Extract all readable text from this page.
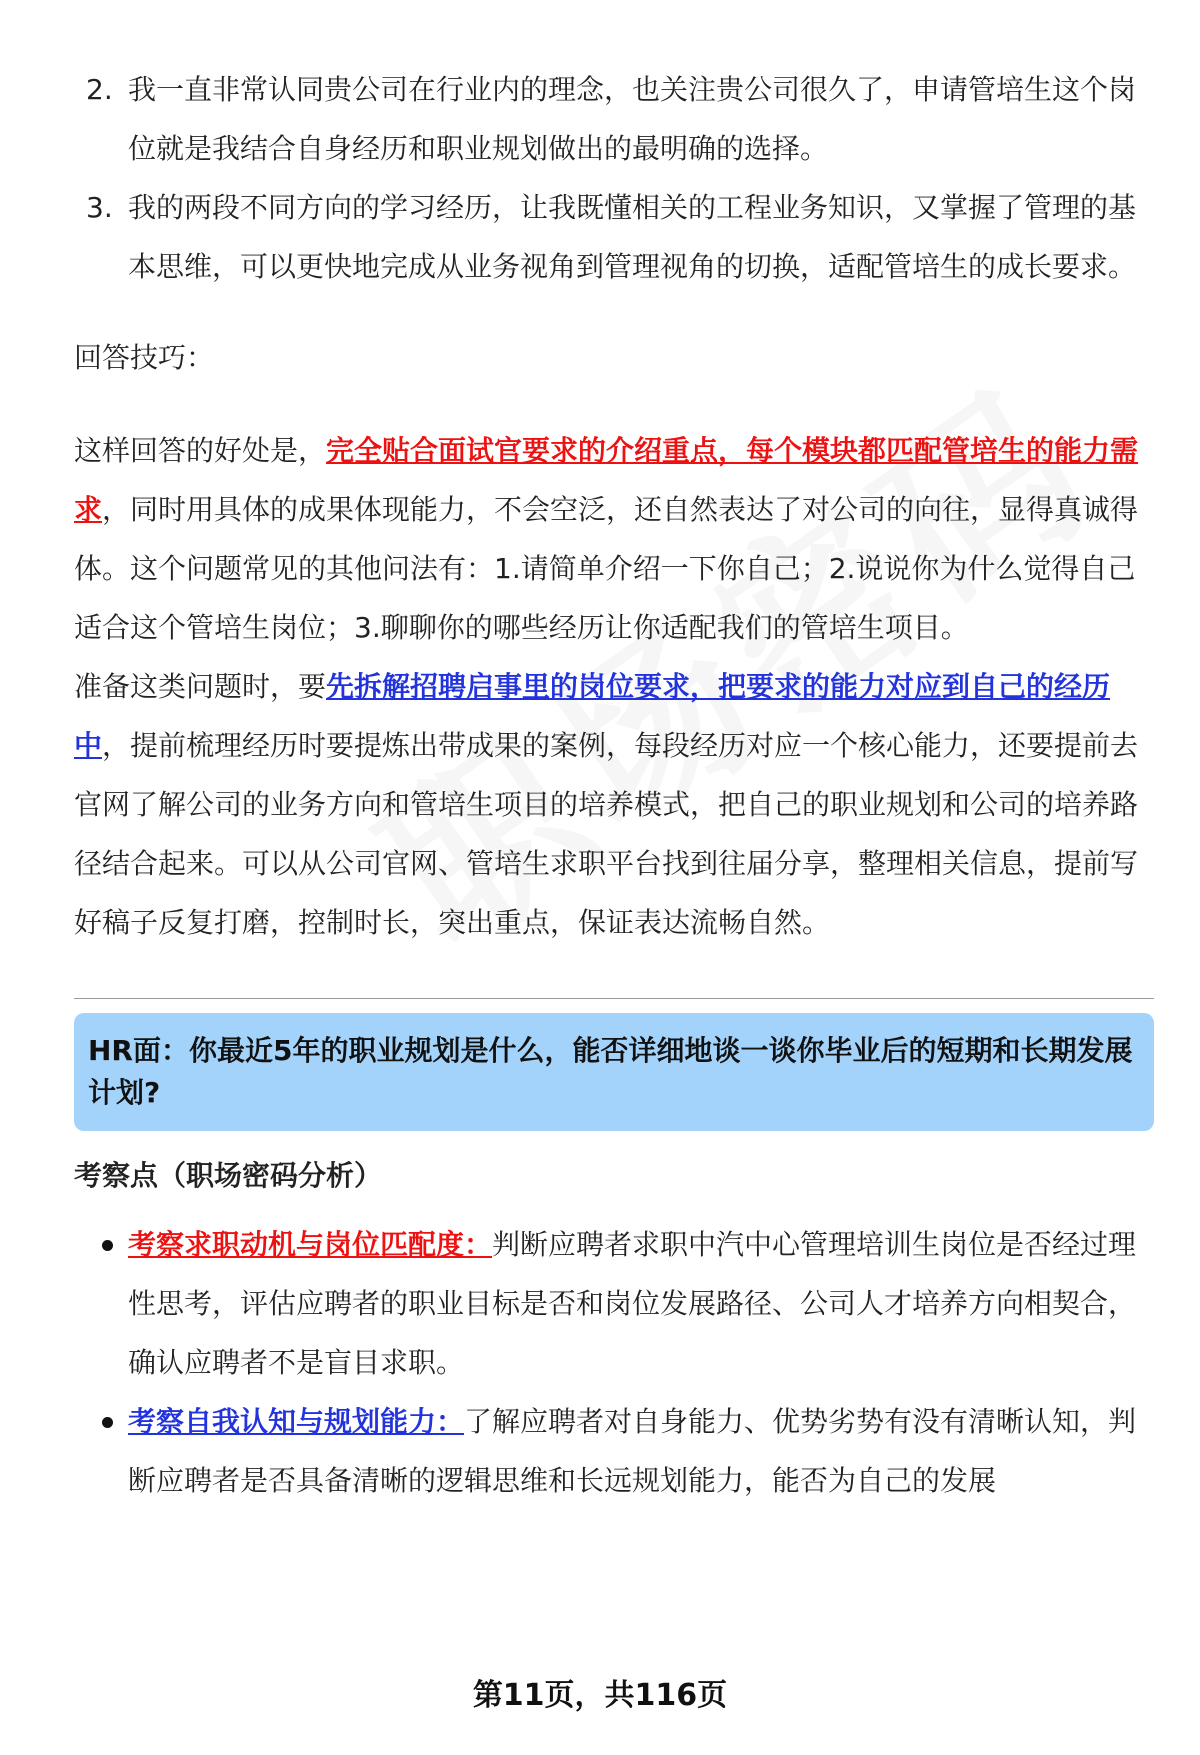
2. 我一直非常认同贵公司在行业内的理念，也关注贵公司很久了，申请管培生这个岗位就是我结合自身经历和职业规划做出的最明确的选择。
3. 我的两段不同方向的学习经历，让我既懂相关的工程业务知识，又掌握了管理的基本思维，可以更快地完成从业务视角到管理视角的切换，适配管培生的成长要求。

回答技巧：

这样回答的好处是，完全贴合面试官要求的介绍重点，每个模块都匹配管培生的能力需求，同时用具体的成果体现能力，不会空泛，还自然表达了对公司的向往，显得真诚得体。这个问题常见的其他问法有：1.请简单介绍一下你自己；2.说说你为什么觉得自己适合这个管培生岗位；3.聊聊你的哪些经历让你适配我们的管培生项目。

准备这类问题时，要先拆解招聘启事里的岗位要求，把要求的能力对应到自己的经历中，提前梳理经历时要提炼出带成果的案例，每段经历对应一个核心能力，还要提前去官网了解公司的业务方向和管培生项目的培养模式，把自己的职业规划和公司的培养路径结合起来。可以从公司官网、管培生求职平台找到往届分享，整理相关信息，提前写好稿子反复打磨，控制时长，突出重点，保证表达流畅自然。

HR面：你最近5年的职业规划是什么，能否详细地谈一谈你毕业后的短期和长期发展计划?
考察点（职场密码分析）
考察求职动机与岗位匹配度：判断应聘者求职中汽中心管理培训生岗位是否经过理性思考，评估应聘者的职业目标是否和岗位发展路径、公司人才培养方向相契合，确认应聘者不是盲目求职。
考察自我认知与规划能力：了解应聘者对自身能力、优势劣势有没有清晰认知，判断应聘者是否具备清晰的逻辑思维和长远规划能力，能否为自己的发展
第11页，共116页
